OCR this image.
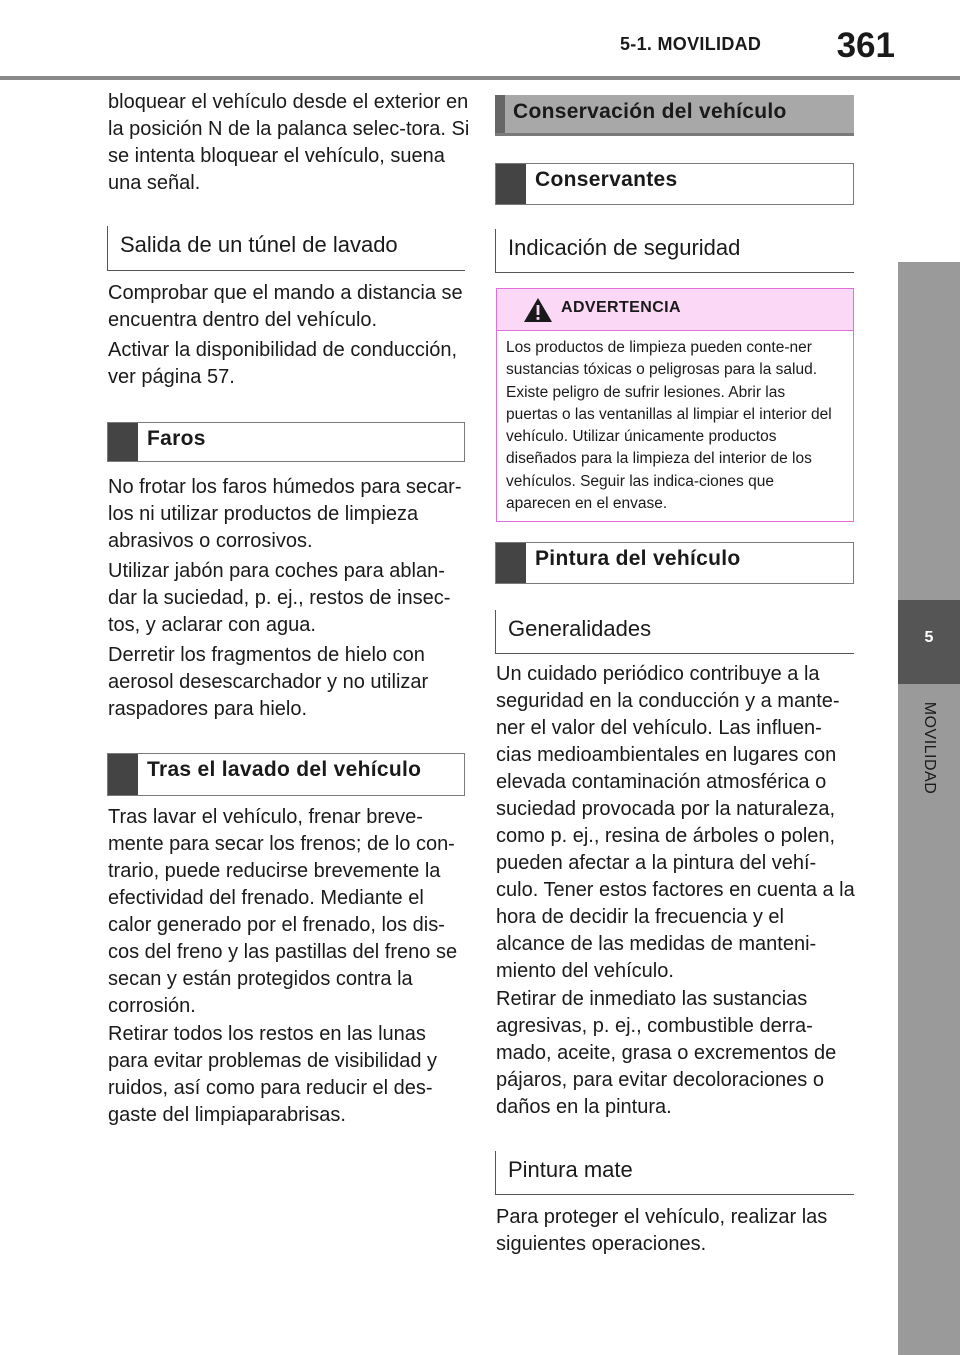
5-1. MOVILIDAD	361
5
MOVILIDAD

bloquear el vehículo desde el exterior en la posición N de la palanca selec-tora. Si se intenta bloquear el vehículo, suena una señal.

Salida de un túnel de lavado

Comprobar que el mando a distancia se encuentra dentro del vehículo.

Activar la disponibilidad de conducción, ver página 57.

Faros

No frotar los faros húmedos para secar-los ni utilizar productos de limpieza abrasivos o corrosivos.

Utilizar jabón para coches para ablan-dar la suciedad, p. ej., restos de insec-tos, y aclarar con agua.

Derretir los fragmentos de hielo con aerosol desescarchador y no utilizar raspadores para hielo.

Tras el lavado del vehículo

Tras lavar el vehículo, frenar breve-mente para secar los frenos; de lo con-trario, puede reducirse brevemente la efectividad del frenado. Mediante el calor generado por el frenado, los dis-cos del freno y las pastillas del freno se secan y están protegidos contra la corrosión.

Retirar todos los restos en las lunas para evitar problemas de visibilidad y ruidos, así como para reducir el des-gaste del limpiaparabrisas.

Conservación del vehículo
Conservantes
Indicación de seguridad
ADVERTENCIA
Los productos de limpieza pueden conte-ner sustancias tóxicas o peligrosas para la salud. Existe peligro de sufrir lesiones. Abrir las puertas o las ventanillas al limpiar el interior del vehículo. Utilizar únicamente productos diseñados para la limpieza del interior de los vehículos. Seguir las indica-ciones que aparecen en el envase.
Pintura del vehículo
Generalidades

Un cuidado periódico contribuye a la seguridad en la conducción y a mante-ner el valor del vehículo. Las influen-cias medioambientales en lugares con elevada contaminación atmosférica o suciedad provocada por la naturaleza, como p. ej., resina de árboles o polen, pueden afectar a la pintura del vehí-culo. Tener estos factores en cuenta a la hora de decidir la frecuencia y el alcance de las medidas de manteni-miento del vehículo.

Retirar de inmediato las sustancias agresivas, p. ej., combustible derra-mado, aceite, grasa o excrementos de pájaros, para evitar decoloraciones o daños en la pintura.

Pintura mate

Para proteger el vehículo, realizar las siguientes operaciones.
